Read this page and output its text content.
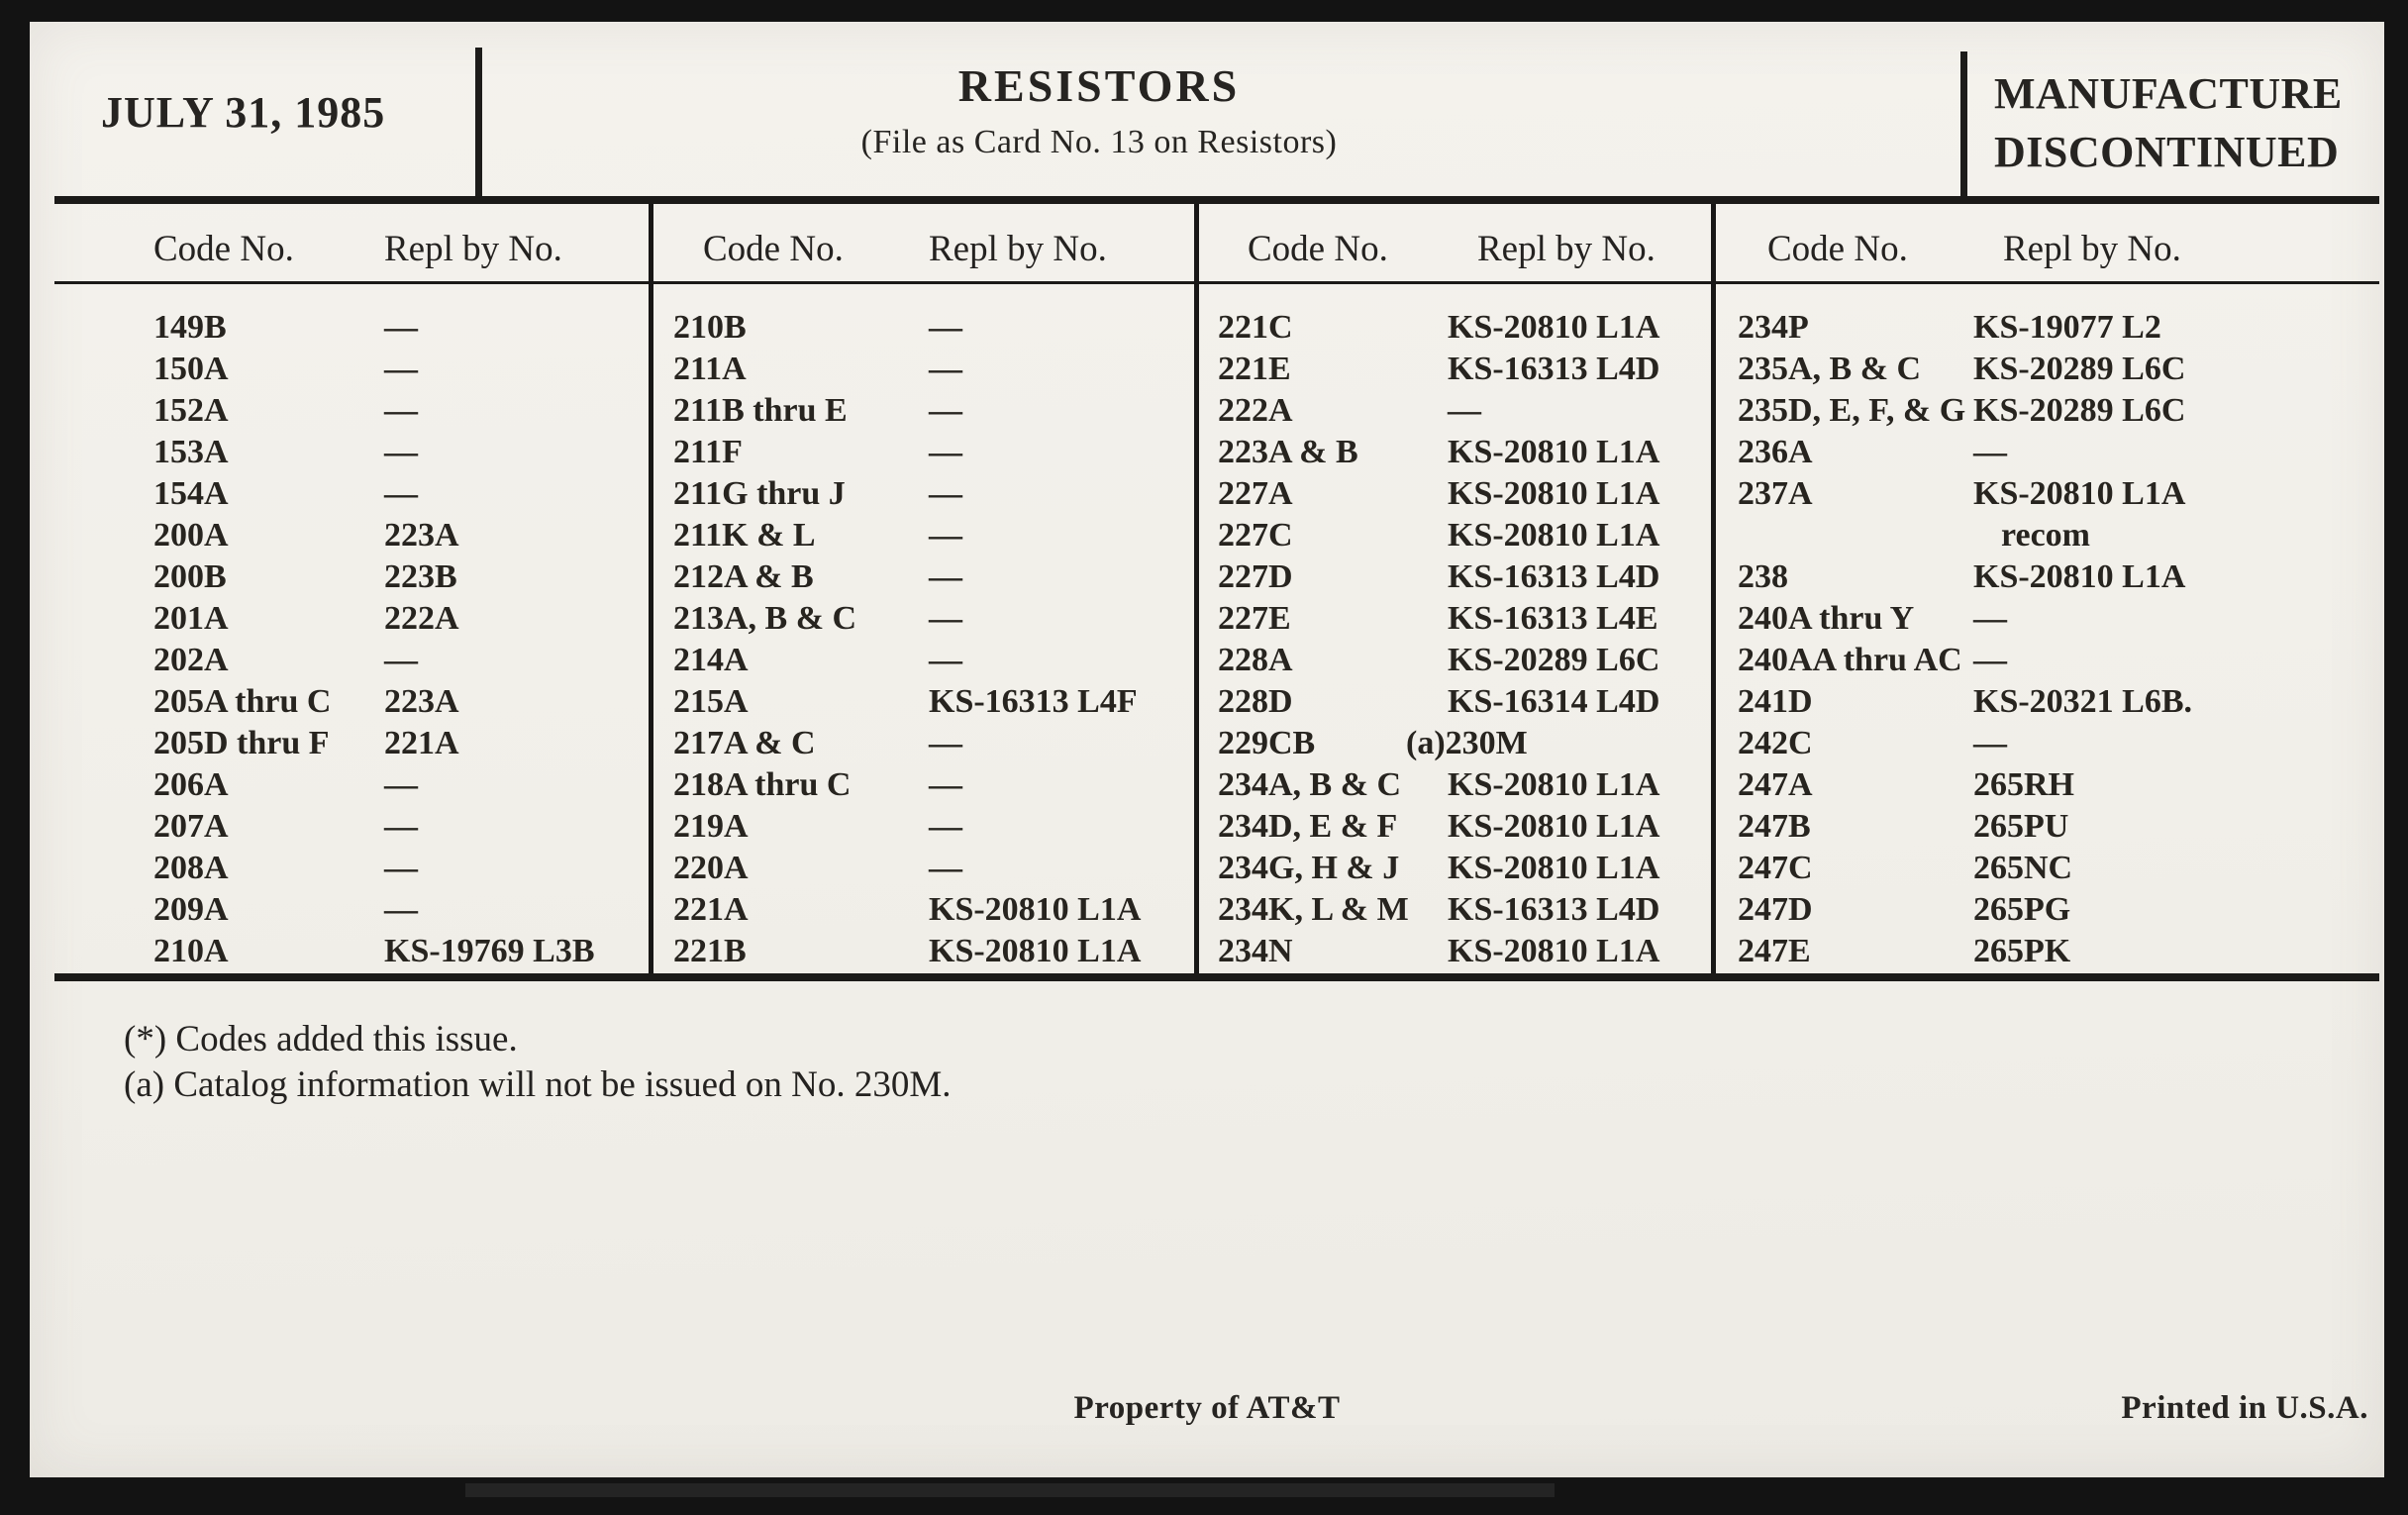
JULY 31, 1985
RESISTORS
(File as Card No. 13 on Resistors)
MANUFACTURE
DISCONTINUED
Code No. Repl by No.	Code No. Repl by No.	Code No. Repl by No.	Code No.	Repl by No.
149B	—
150A	—
152A	—
153A	—
154A	—
200A	223A
200B	223B
201A	222A
202A	—
205A thru C 223A
205D thru F 221A
206A	—
207A	—
208A	—
209A	—
210A	KS-19769 L3B
210B	—
211A	—
211B thru E —
211F	—
211G thru J —
211K & L	—
212A & B	—
213A, B & C —
214A	—
215A	KS-16313 L4F
217A & C	—
218A thru C —
219A	—
220A	—
221A	KS-20810 L1A
221B	KS-20810 L1A
221C	KS-20810 L1A
221E	KS-16313 L4D
222A	—
223A & B	KS-20810 L1A
227A	KS-20810 L1A
227C	KS-20810 L1A
227D	KS-16313 L4D
227E	KS-16313 L4E
228A	KS-20289 L6C
228D	KS-16314 L4D
229CB	(a)230M
234A, B & C KS-20810 L1A
234D, E & F KS-20810 L1A
234G, H & J KS-20810 L1A
234K, L & M KS-16313 L4D
234N	KS-20810 L1A
234P	KS-19077 L2
235A, B & C KS-20289 L6C
235D, E, F, & G KS-20289 L6C
236A	—
237A	KS-20810 L1A
recom
238	KS-20810 L1A
240A thru Y —
240AA thru AC —
241D	KS-20321 L6B.
242C	—
247A	265RH
247B	265PU
247C	265NC
247D	265PG
247E	265PK
(*) Codes added this issue.
(a) Catalog information will not be issued on No. 230M.
Property of AT&T	Printed in U.S.A.
